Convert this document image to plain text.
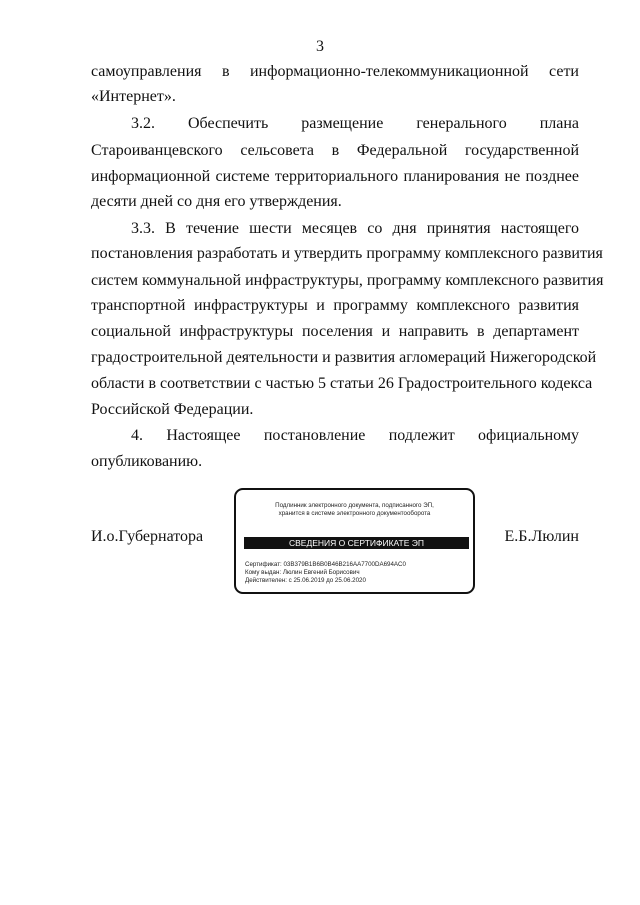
3
самоуправления в информационно-телекоммуникационной сети
«Интернет».
3.2. Обеспечить размещение генерального плана
Староиванцевского сельсовета в Федеральной государственной
информационной системе территориального планирования не позднее
десяти дней со дня его утверждения.
3.3. В течение шести месяцев со дня принятия настоящего
постановления разработать и утвердить программу комплексного развития
систем коммунальной инфраструктуры, программу комплексного развития
транспортной инфраструктуры и программу комплексного развития
социальной инфраструктуры поселения и направить в департамент
градостроительной деятельности и развития агломераций Нижегородской
области в соответствии с частью 5 статьи 26 Градостроительного кодекса
Российской Федерации.
4. Настоящее постановление подлежит официальному
опубликованию.
И.о.Губернатора	Е.Б.Люлин
Подлинник электронного документа, подписанного ЭП,
хранится в системе электронного документооборота
СВЕДЕНИЯ О СЕРТИФИКАТЕ ЭП
Сертификат: 03B379B1B6B0B46B216AA7700DA694AC0
Кому выдан: Люлин Евгений Борисович
Действителен: с 25.06.2019 до 25.06.2020
